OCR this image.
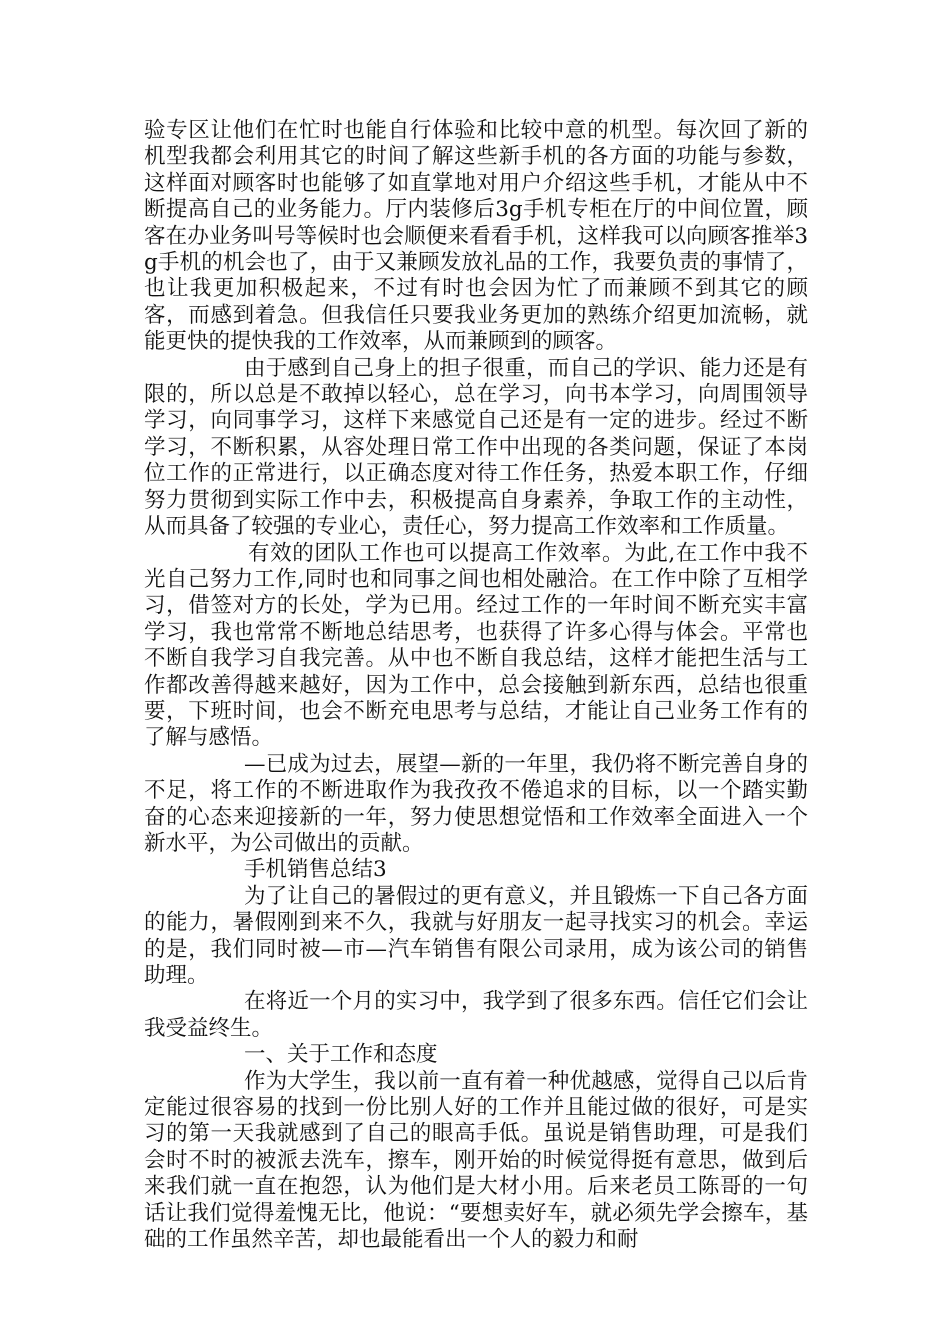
验专区让他们在忙时也能自行体验和比较中意的机型。每次回了新的机型我都会利用其它的时间了解这些新手机的各方面的功能与参数，这样面对顾客时也能够了如直掌地对用户介绍这些手机，才能从中不断提高自己的业务能力。厅内装修后3g手机专柜在厅的中间位置，顾客在办业务叫号等候时也会顺便来看看手机，这样我可以向顾客推举3g手机的机会也了，由于又兼顾发放礼品的工作，我要负责的事情了，也让我更加积极起来，不过有时也会因为忙了而兼顾不到其它的顾客，而感到着急。但我信任只要我业务更加的熟练介绍更加流畅，就能更快的提快我的工作效率，从而兼顾到的顾客。

由于感到自己身上的担子很重，而自己的学识、能力还是有限的，所以总是不敢掉以轻心，总在学习，向书本学习，向周围领导学习，向同事学习，这样下来感觉自己还是有一定的进步。经过不断学习，不断积累，从容处理日常工作中出现的各类问题，保证了本岗位工作的正常进行，以正确态度对待工作任务，热爱本职工作，仔细努力贯彻到实际工作中去，积极提高自身素养，争取工作的主动性，从而具备了较强的专业心，责任心，努力提高工作效率和工作质量。

有效的团队工作也可以提高工作效率。为此,在工作中我不光自己努力工作,同时也和同事之间也相处融洽。在工作中除了互相学习，借签对方的长处，学为已用。经过工作的一年时间不断充实丰富学习，我也常常不断地总结思考，也获得了许多心得与体会。平常也不断自我学习自我完善。从中也不断自我总结，这样才能把生活与工作都改善得越来越好，因为工作中，总会接触到新东西，总结也很重要，下班时间，也会不断充电思考与总结，才能让自己业务工作有的了解与感悟。

—已成为过去，展望—新的一年里，我仍将不断完善自身的不足，将工作的不断进取作为我孜孜不倦追求的目标，以一个踏实勤奋的心态来迎接新的一年，努力使思想觉悟和工作效率全面进入一个新水平，为公司做出的贡献。

手机销售总结3

为了让自己的暑假过的更有意义，并且锻炼一下自己各方面的能力，暑假刚到来不久，我就与好朋友一起寻找实习的机会。幸运的是，我们同时被—市—汽车销售有限公司录用，成为该公司的销售助理。

在将近一个月的实习中，我学到了很多东西。信任它们会让我受益终生。

一、关于工作和态度

作为大学生，我以前一直有着一种优越感，觉得自己以后肯定能过很容易的找到一份比别人好的工作并且能过做的很好，可是实习的第一天我就感到了自己的眼高手低。虽说是销售助理，可是我们会时不时的被派去洗车，擦车，刚开始的时候觉得挺有意思，做到后来我们就一直在抱怨，认为他们是大材小用。后来老员工陈哥的一句话让我们觉得羞愧无比，他说：“要想卖好车，就必须先学会擦车，基础的工作虽然辛苦，却也最能看出一个人的毅力和耐
